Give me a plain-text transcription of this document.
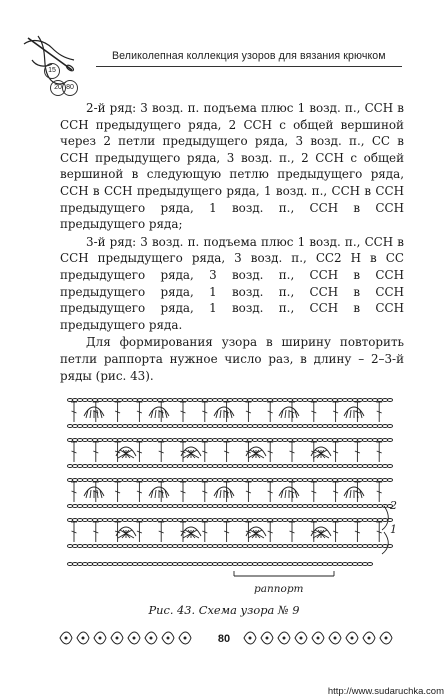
15
20 80
Великолепная коллекция узоров для вязания крючком

2-й ряд: 3 возд. п. подъема плюс 1 возд. п., ССН в ССН предыдущего ряда, 2 ССН с общей вершиной через 2 петли предыдущего ряда, 3 возд. п., СС в ССН предыдущего ряда, 3 возд. п., 2 ССН с общей вершиной в следующую петлю предыдущего ряда, ССН в ССН предыдущего ряда, 1 возд. п., ССН в ССН предыдущего ряда, 1 возд. п., ССН в ССН предыдущего ряда;

3-й ряд: 3 возд. п. подъема плюс 1 возд. п., ССН в ССН предыдущего ряда, 3 возд. п., СС2 Н в СС предыдущего ряда, 3 возд. п., ССН в ССН предыдущего ряда, 1 возд. п., ССН в ССН предыдущего ряда, 1 возд. п., ССН в ССН предыдущего ряда.

Для формирования узора в ширину повторить петли раппорта нужное число раз, в длину – 2–3-й ряды (рис. 43).

2
1
раппорт
Рис. 43. Схема узора № 9
80
http://www.sudaruchka.com
